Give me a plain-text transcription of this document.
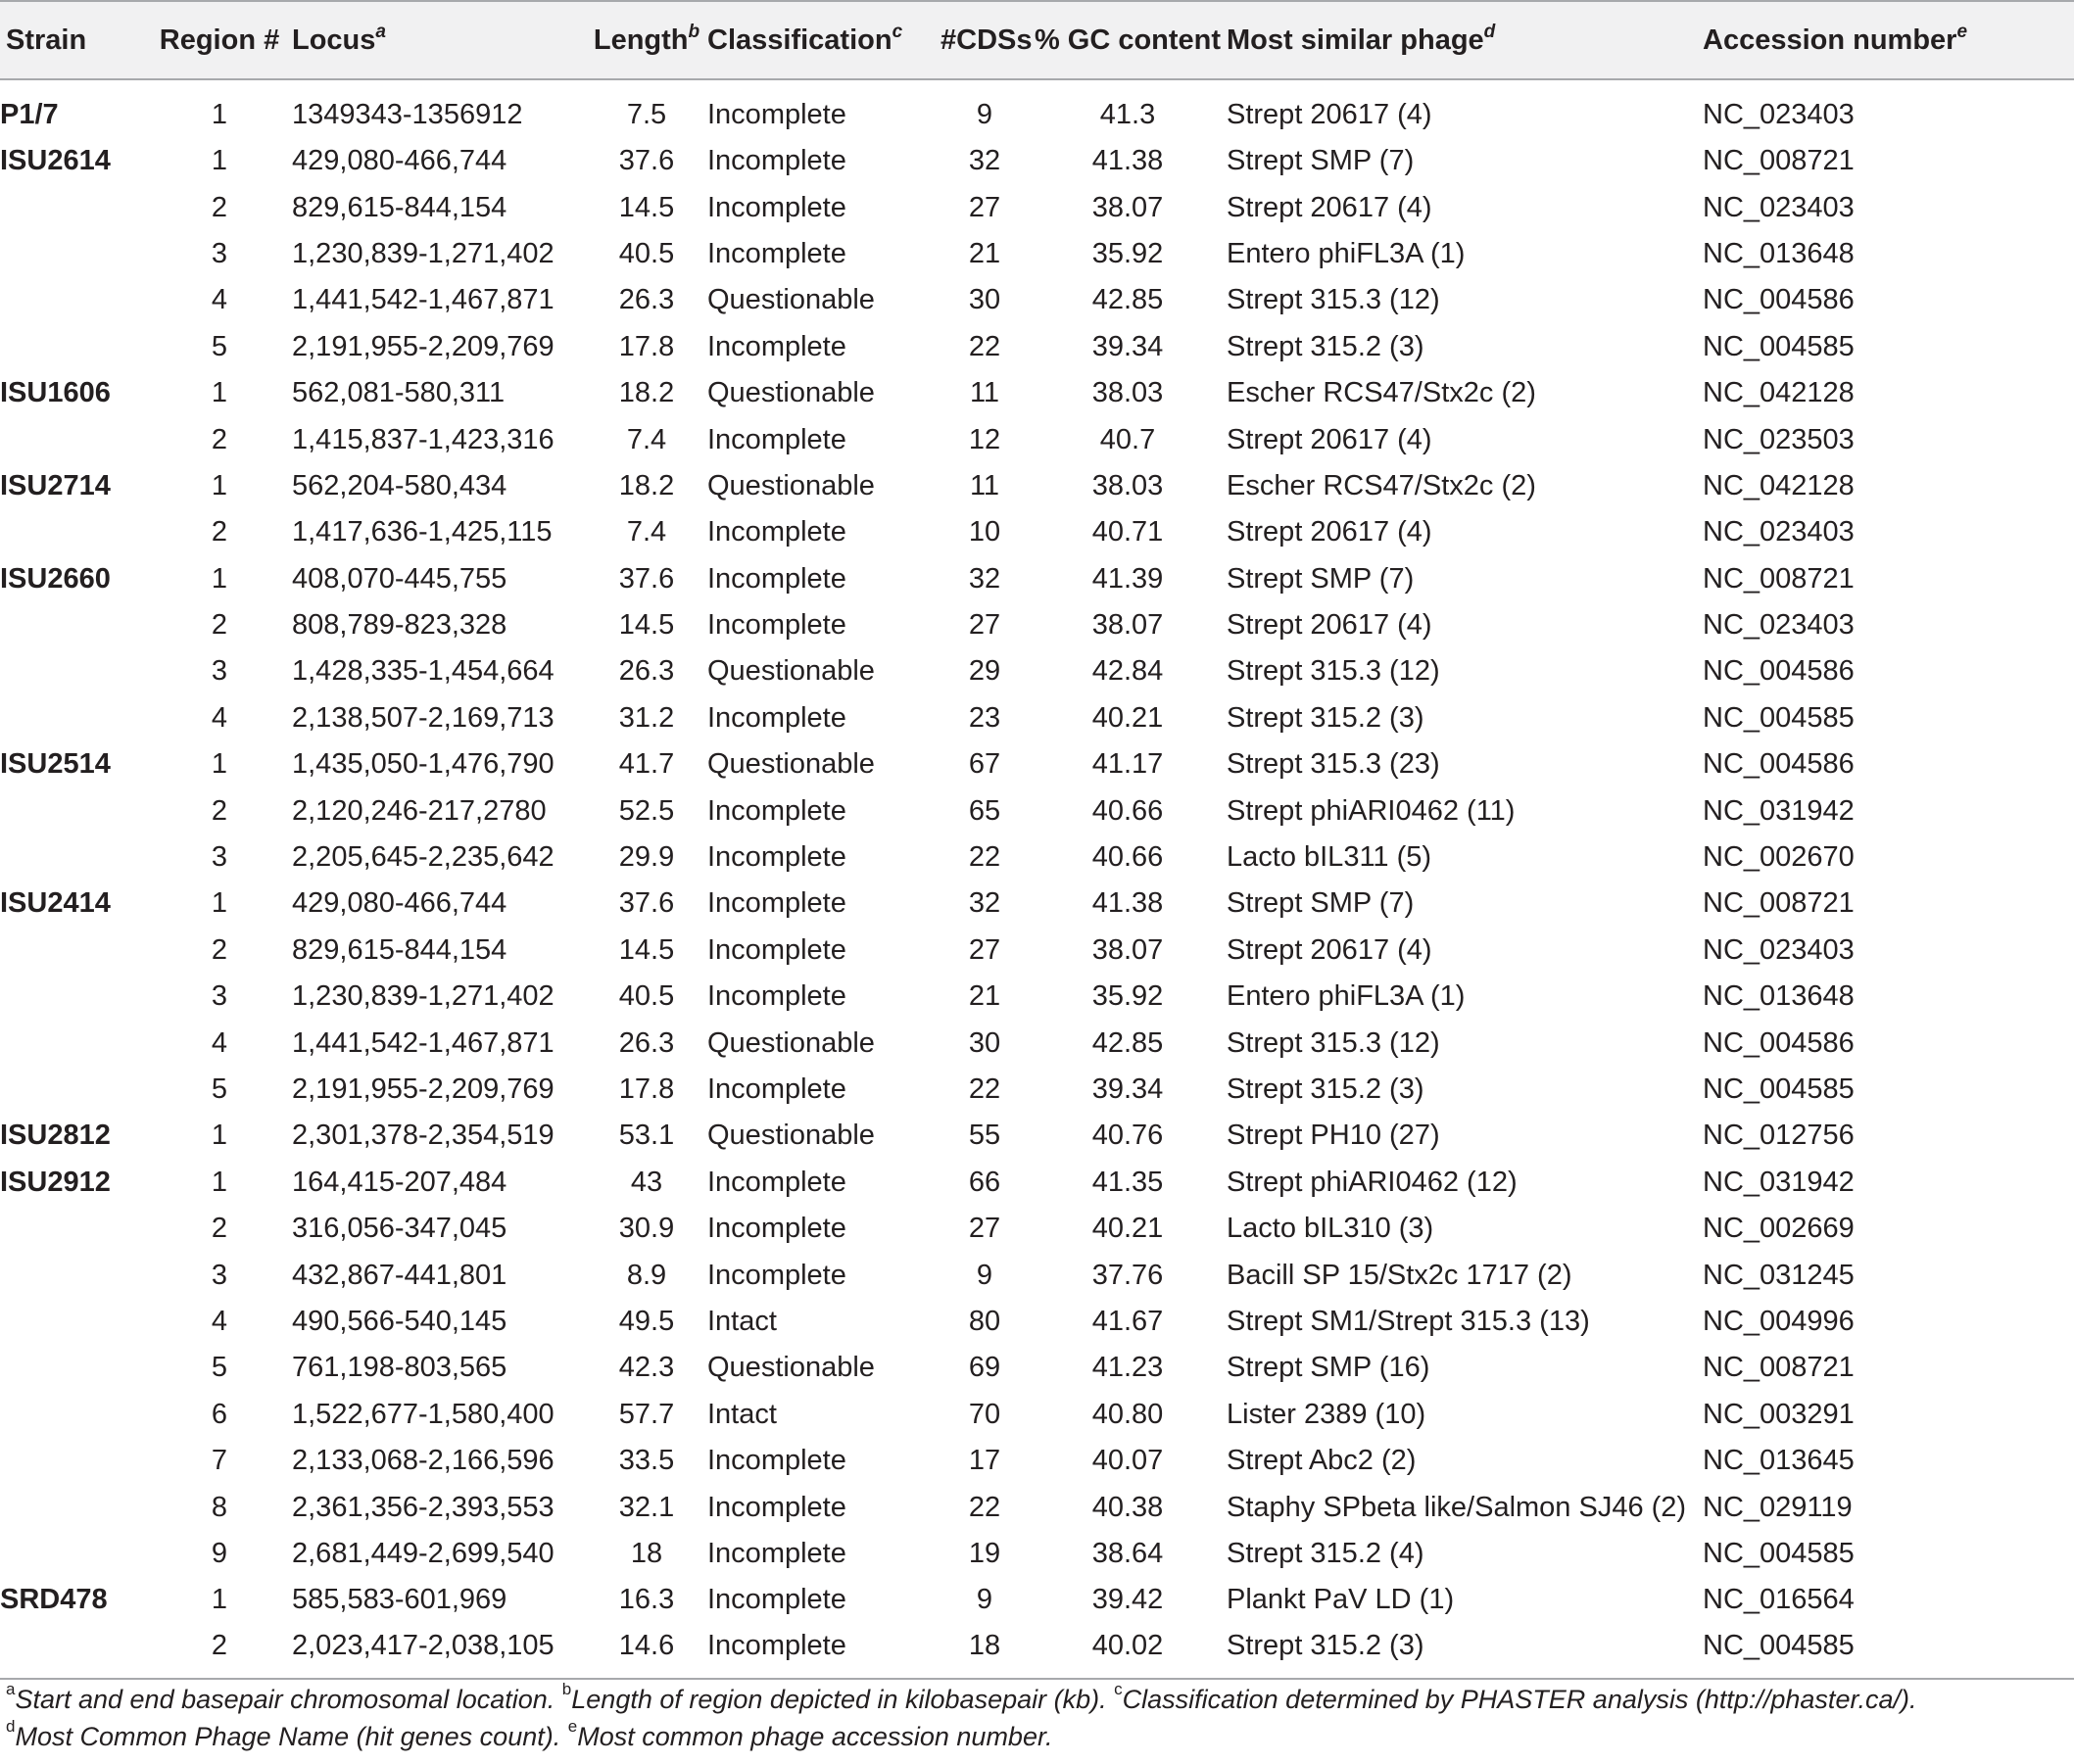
Strain	Region #	Locus$^a$	Length$^b$	Classification$^c$	#CDSs	% GC content	Most similar phage$^d$	Accession number$^e$
P1/7	1	1349343-1356912	7.5	Incomplete	9	41.3	Strept 20617 (4)	NC_023403
ISU2614	1	429,080-466,744	37.6	Incomplete	32	41.38	Strept SMP (7)	NC_008721
	2	829,615-844,154	14.5	Incomplete	27	38.07	Strept 20617 (4)	NC_023403
	3	1,230,839-1,271,402	40.5	Incomplete	21	35.92	Entero phiFL3A (1)	NC_013648
	4	1,441,542-1,467,871	26.3	Questionable	30	42.85	Strept 315.3 (12)	NC_004586
	5	2,191,955-2,209,769	17.8	Incomplete	22	39.34	Strept 315.2 (3)	NC_004585
ISU1606	1	562,081-580,311	18.2	Questionable	11	38.03	Escher RCS47/Stx2c (2)	NC_042128
	2	1,415,837-1,423,316	7.4	Incomplete	12	40.7	Strept 20617 (4)	NC_023503
ISU2714	1	562,204-580,434	18.2	Questionable	11	38.03	Escher RCS47/Stx2c (2)	NC_042128
	2	1,417,636-1,425,115	7.4	Incomplete	10	40.71	Strept 20617 (4)	NC_023403
ISU2660	1	408,070-445,755	37.6	Incomplete	32	41.39	Strept SMP (7)	NC_008721
	2	808,789-823,328	14.5	Incomplete	27	38.07	Strept 20617 (4)	NC_023403
	3	1,428,335-1,454,664	26.3	Questionable	29	42.84	Strept 315.3 (12)	NC_004586
	4	2,138,507-2,169,713	31.2	Incomplete	23	40.21	Strept 315.2 (3)	NC_004585
ISU2514	1	1,435,050-1,476,790	41.7	Questionable	67	41.17	Strept 315.3 (23)	NC_004586
	2	2,120,246-217,2780	52.5	Incomplete	65	40.66	Strept phiARI0462 (11)	NC_031942
	3	2,205,645-2,235,642	29.9	Incomplete	22	40.66	Lacto bIL311 (5)	NC_002670
ISU2414	1	429,080-466,744	37.6	Incomplete	32	41.38	Strept SMP (7)	NC_008721
	2	829,615-844,154	14.5	Incomplete	27	38.07	Strept 20617 (4)	NC_023403
	3	1,230,839-1,271,402	40.5	Incomplete	21	35.92	Entero phiFL3A (1)	NC_013648
	4	1,441,542-1,467,871	26.3	Questionable	30	42.85	Strept 315.3 (12)	NC_004586
	5	2,191,955-2,209,769	17.8	Incomplete	22	39.34	Strept 315.2 (3)	NC_004585
ISU2812	1	2,301,378-2,354,519	53.1	Questionable	55	40.76	Strept PH10 (27)	NC_012756
ISU2912	1	164,415-207,484	43	Incomplete	66	41.35	Strept phiARI0462 (12)	NC_031942
	2	316,056-347,045	30.9	Incomplete	27	40.21	Lacto bIL310 (3)	NC_002669
	3	432,867-441,801	8.9	Incomplete	9	37.76	Bacill SP 15/Stx2c 1717 (2)	NC_031245
	4	490,566-540,145	49.5	Intact	80	41.67	Strept SM1/Strept 315.3 (13)	NC_004996
	5	761,198-803,565	42.3	Questionable	69	41.23	Strept SMP (16)	NC_008721
	6	1,522,677-1,580,400	57.7	Intact	70	40.80	Lister 2389 (10)	NC_003291
	7	2,133,068-2,166,596	33.5	Incomplete	17	40.07	Strept Abc2 (2)	NC_013645
	8	2,361,356-2,393,553	32.1	Incomplete	22	40.38	Staphy SPbeta like/Salmon SJ46 (2)	NC_029119
	9	2,681,449-2,699,540	18	Incomplete	19	38.64	Strept 315.2 (4)	NC_004585
SRD478	1	585,583-601,969	16.3	Incomplete	9	39.42	Plankt PaV LD (1)	NC_016564
	2	2,023,417-2,038,105	14.6	Incomplete	18	40.02	Strept 315.2 (3)	NC_004585
$^a$Start and end basepair chromosomal location. $^b$Length of region depicted in kilobasepair (kb). $^c$Classification determined by PHASTER analysis (http://phaster.ca/).
$^d$Most Common Phage Name (hit genes count). $^e$Most common phage accession number.
